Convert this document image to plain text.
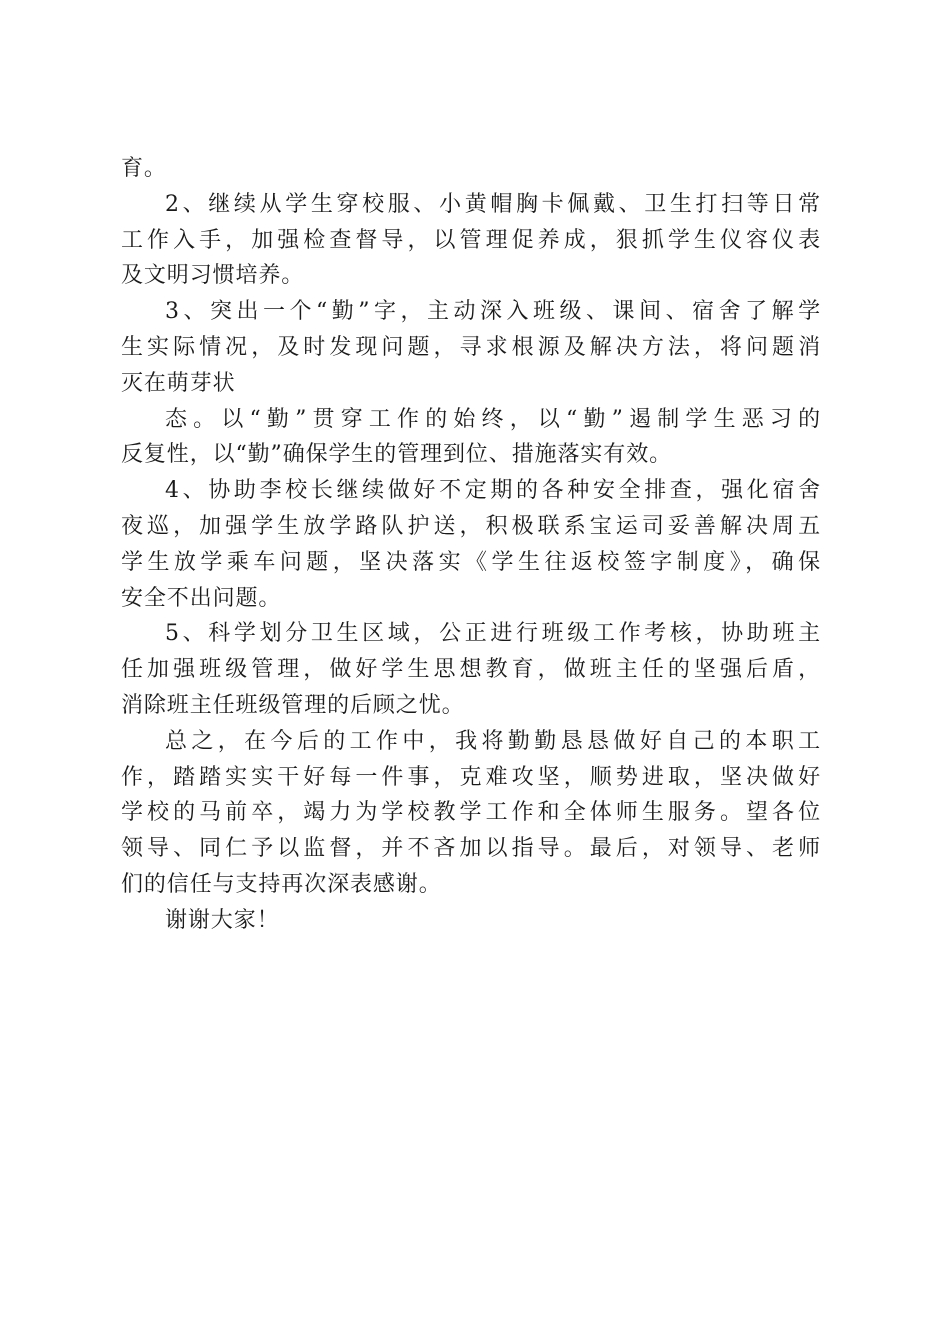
育。

2、继续从学生穿校服、小黄帽胸卡佩戴、卫生打扫等日常
工作入手，加强检查督导，以管理促养成，狠抓学生仪容仪表
及文明习惯培养。

3、突出一个“勤”字，主动深入班级、课间、宿舍了解学
生实际情况，及时发现问题，寻求根源及解决方法，将问题消
灭在萌芽状

态。以“勤”贯穿工作的始终，以“勤”遏制学生恶习的
反复性，以“勤”确保学生的管理到位、措施落实有效。

4、协助李校长继续做好不定期的各种安全排查，强化宿舍
夜巡，加强学生放学路队护送，积极联系宝运司妥善解决周五
学生放学乘车问题，坚决落实《学生往返校签字制度》，确保
安全不出问题。

5、科学划分卫生区域，公正进行班级工作考核，协助班主
任加强班级管理，做好学生思想教育，做班主任的坚强后盾，
消除班主任班级管理的后顾之忧。

总之，在今后的工作中，我将勤勤恳恳做好自己的本职工
作，踏踏实实干好每一件事，克难攻坚，顺势进取，坚决做好
学校的马前卒，竭力为学校教学工作和全体师生服务。望各位
领导、同仁予以监督，并不吝加以指导。最后，对领导、老师
们的信任与支持再次深表感谢。

谢谢大家！
